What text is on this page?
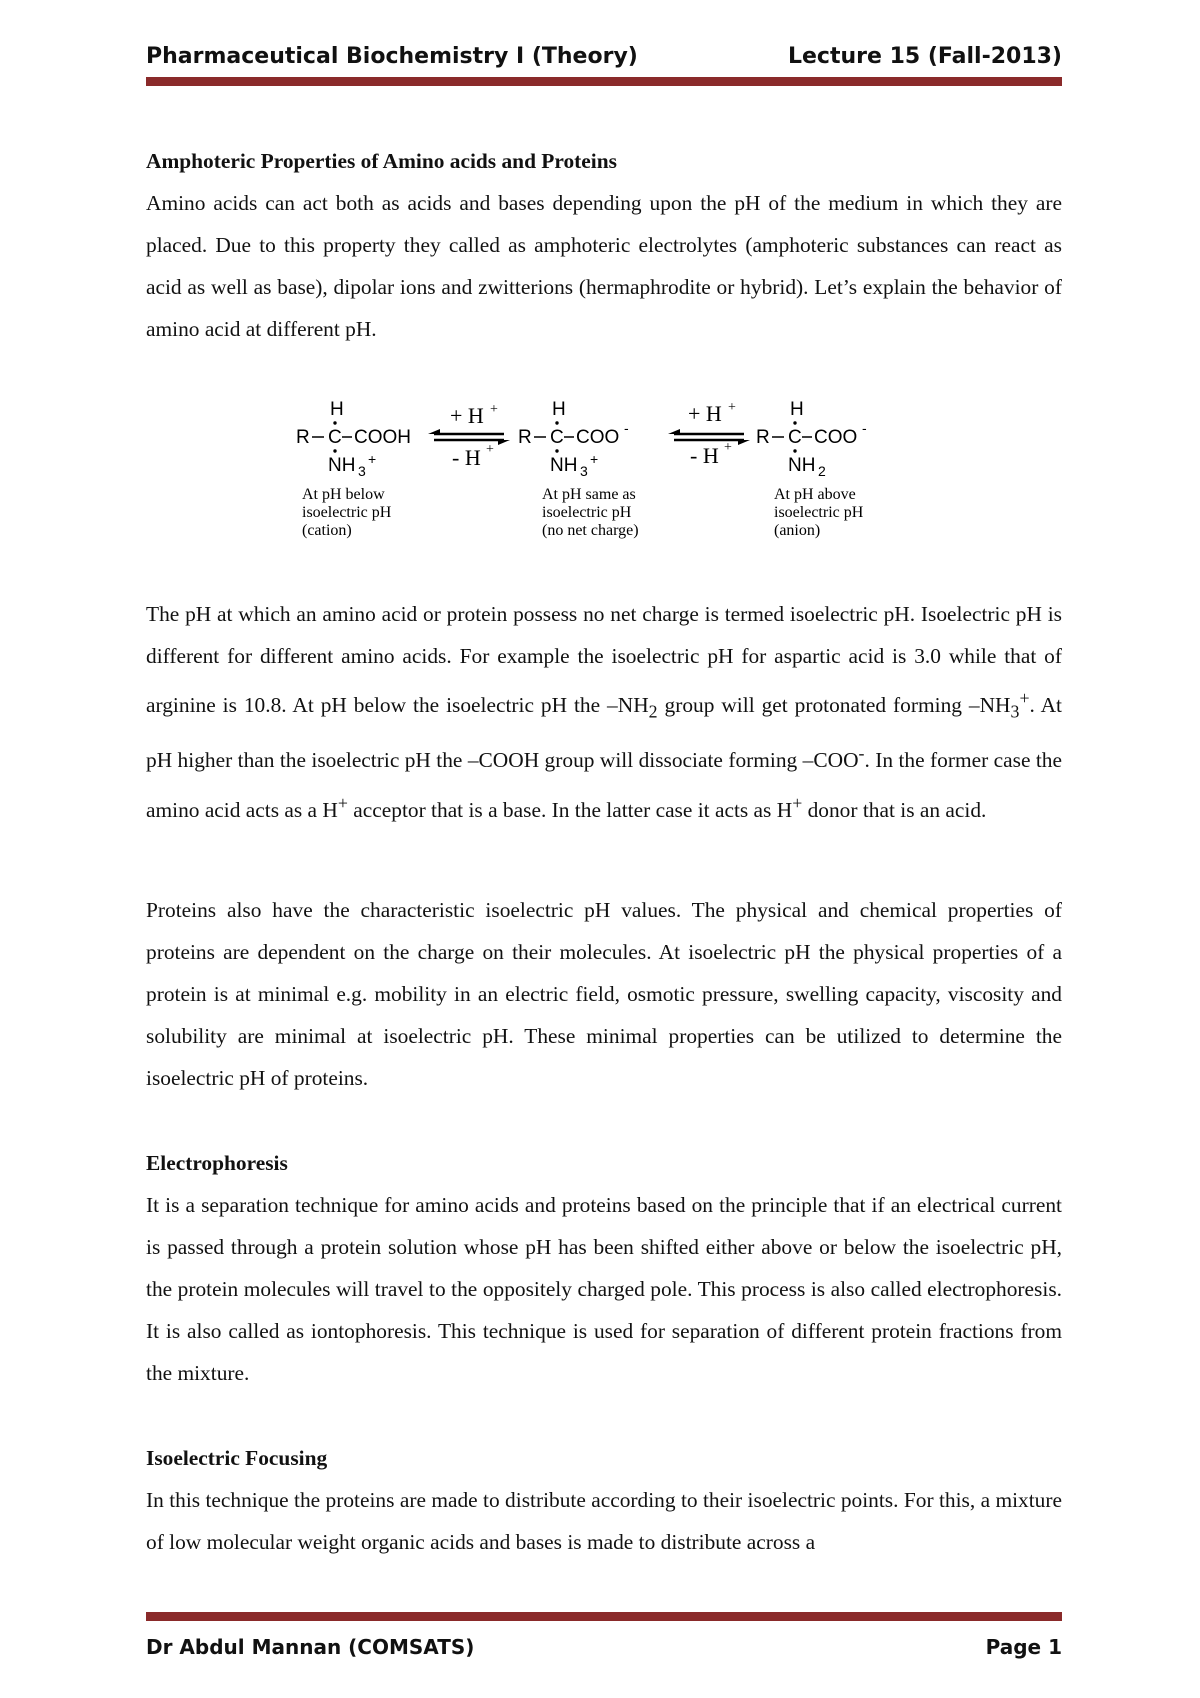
Pharmaceutical Biochemistry I (Theory)	Lecture 15 (Fall-2013)
Amphoteric Properties of Amino acids and Proteins

Amino acids can act both as acids and bases depending upon the pH of the medium in which they are placed. Due to this property they called as amphoteric electrolytes (amphoteric substances can react as acid as well as base), dipolar ions and zwitterions (hermaphrodite or hybrid). Let’s explain the behavior of amino acid at different pH.

H
R C COOH
NH 3
+
+ H +
- H +
H
R C COO -
NH 3
+
+ H +
- H +
H
R C COO -
NH 2
At pH below
isoelectric pH
(cation)
At pH same as
isoelectric pH
(no net charge)
At pH above
isoelectric pH
(anion)

The pH at which an amino acid or protein possess no net charge is termed isoelectric pH. Isoelectric pH is different for different amino acids. For example the isoelectric pH for aspartic acid is 3.0 while that of arginine is 10.8. At pH below the isoelectric pH the $-NH_2$ group will get protonated forming $-NH_3^+$. At pH higher than the isoelectric pH the –COOH group will dissociate forming –COO-. In the former case the amino acid acts as a H+ acceptor that is a base. In the latter case it acts as H+ donor that is an acid.

Proteins also have the characteristic isoelectric pH values. The physical and chemical properties of proteins are dependent on the charge on their molecules. At isoelectric pH the physical properties of a protein is at minimal e.g. mobility in an electric field, osmotic pressure, swelling capacity, viscosity and solubility are minimal at isoelectric pH. These minimal properties can be utilized to determine the isoelectric pH of proteins.

Electrophoresis

It is a separation technique for amino acids and proteins based on the principle that if an electrical current is passed through a protein solution whose pH has been shifted either above or below the isoelectric pH, the protein molecules will travel to the oppositely charged pole. This process is also called electrophoresis. It is also called as iontophoresis. This technique is used for separation of different protein fractions from the mixture.

Isoelectric Focusing

In this technique the proteins are made to distribute according to their isoelectric points. For this, a mixture of low molecular weight organic acids and bases is made to distribute across a

Dr Abdul Mannan (COMSATS)	Page 1
